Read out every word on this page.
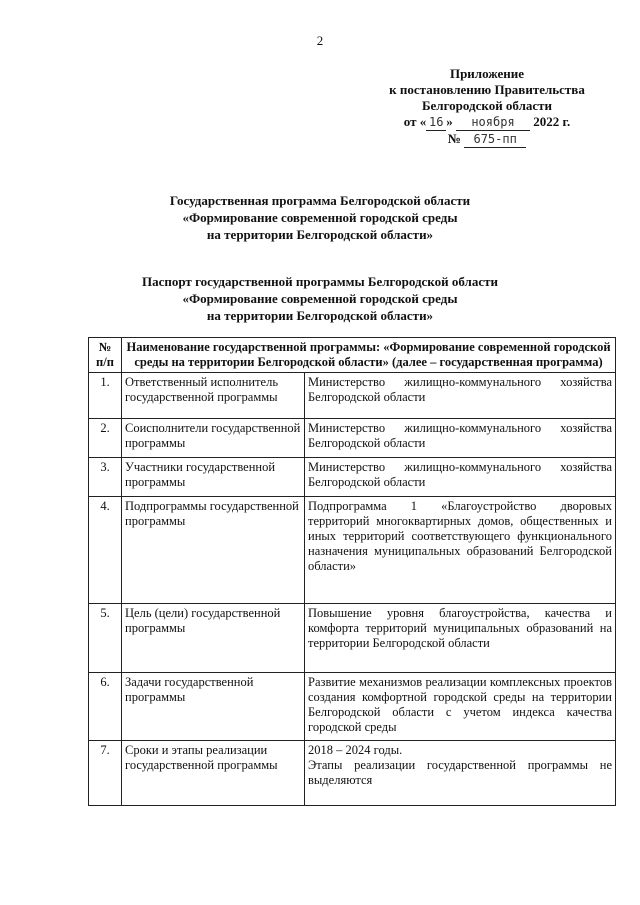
2
Приложение
к постановлению Правительства
Белгородской области
от « 16 » ноября 2022 г.
№ 675-пп
Государственная программа Белгородской области
«Формирование современной городской среды
на территории Белгородской области»
Паспорт государственной программы Белгородской области
«Формирование современной городской среды
на территории Белгородской области»
№ п/п	Наименование государственной программы: «Формирование современной городской среды на территории Белгородской области» (далее – государственная программа)	
1.	Ответственный исполнитель государственной программы	Министерство жилищно-коммунального хозяйства Белгородской области
2.	Соисполнители государственной программы	Министерство жилищно-коммунального хозяйства Белгородской области
3.	Участники государственной программы	Министерство жилищно-коммунального хозяйства Белгородской области
4.	Подпрограммы государственной программы	Подпрограмма 1 «Благоустройство дворовых территорий многоквартирных домов, общественных и иных территорий соответствующего функционального назначения муниципальных образований Белгородской области»
5.	Цель (цели) государственной программы	Повышение уровня благоустройства, качества и комфорта территорий муниципальных образований на территории Белгородской области
6.	Задачи государственной программы	Развитие механизмов реализации комплексных проектов создания комфортной городской среды на территории Белгородской области с учетом индекса качества городской среды
7.	Сроки и этапы реализации государственной программы	2018 – 2024 годы.
Этапы реализации государственной программы не выделяются
